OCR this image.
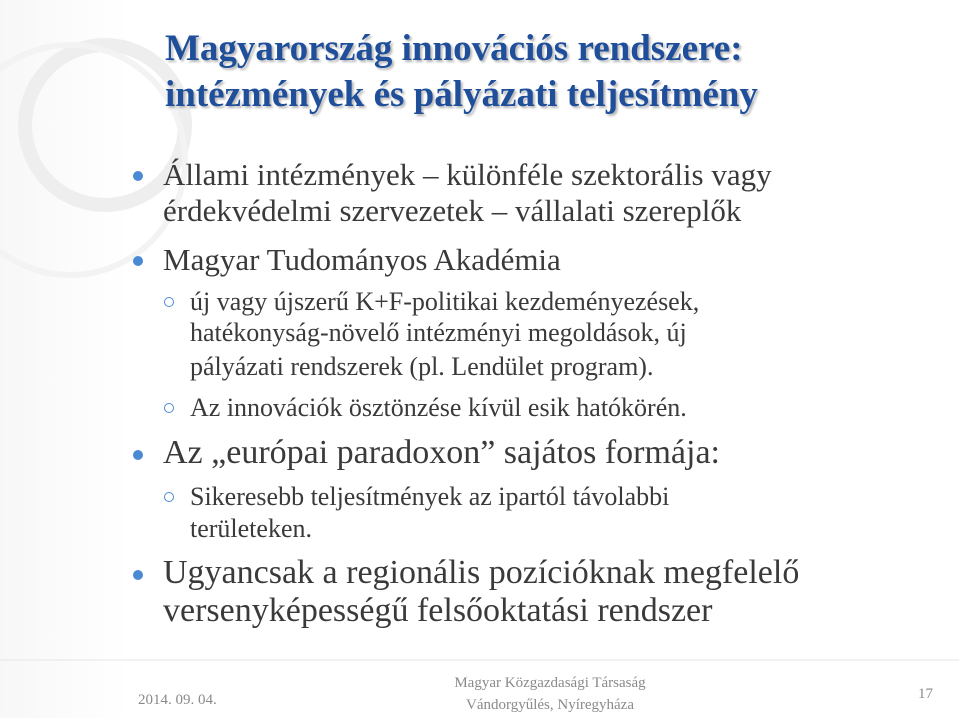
Magyarország innovációs rendszere:
intézmények és pályázati teljesítmény
Állami intézmények – különféle szektorális vagy
érdekvédelmi szervezetek – vállalati szereplők
Magyar Tudományos Akadémia
új vagy újszerű K+F-politikai kezdeményezések,
hatékonyság-növelő intézményi megoldások, új
pályázati rendszerek (pl. Lendület program).
Az innovációk ösztönzése kívül esik hatókörén.
Az „európai paradoxon” sajátos formája:
Sikeresebb teljesítmények az ipartól távolabbi
területeken.
Ugyancsak a regionális pozícióknak megfelelő
versenyképességű felsőoktatási rendszer
2014. 09. 04.
Magyar Közgazdasági Társaság
Vándorgyűlés, Nyíregyháza
17
